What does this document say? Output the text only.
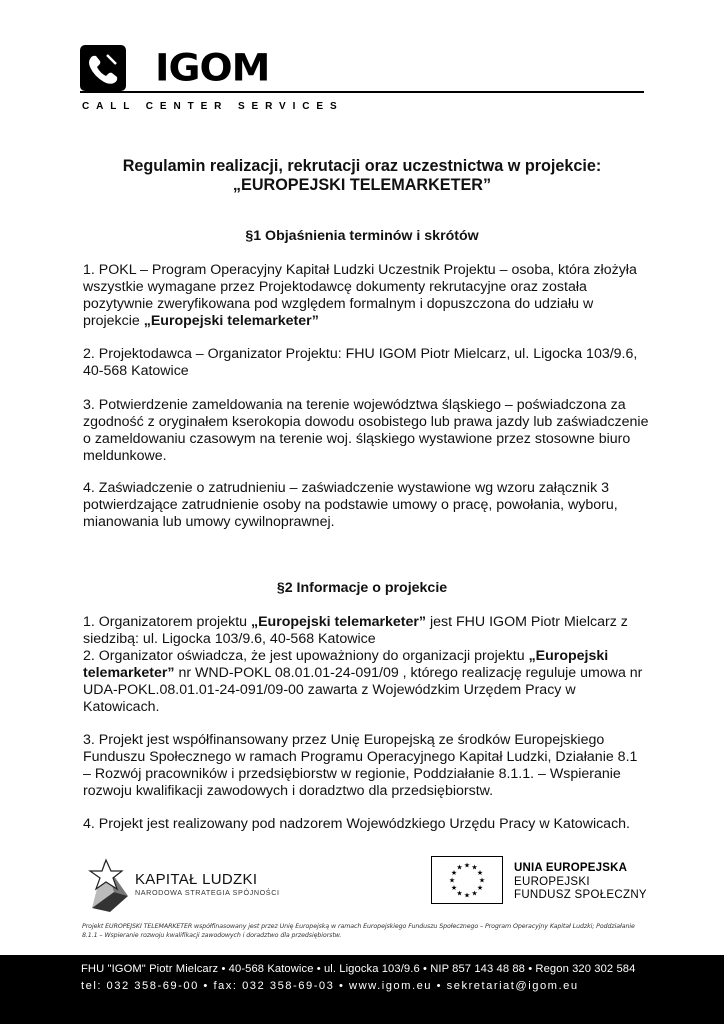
IGOM
CALL CENTER SERVICES
Regulamin realizacji, rekrutacji oraz uczestnictwa w projekcie:
„EUROPEJSKI TELEMARKETER”
§1 Objaśnienia terminów i skrótów

1. POKL – Program Operacyjny Kapitał Ludzki Uczestnik Projektu – osoba, która złożyła wszystkie wymagane przez Projektodawcę dokumenty rekrutacyjne oraz została pozytywnie zweryfikowana pod względem formalnym i dopuszczona do udziału w projekcie „Europejski telemarketer”

2. Projektodawca – Organizator Projektu: FHU IGOM Piotr Mielcarz, ul. Ligocka 103/9.6, 40-568 Katowice

3. Potwierdzenie zameldowania na terenie województwa śląskiego – poświadczona za zgodność z oryginałem kserokopia dowodu osobistego lub prawa jazdy lub zaświadczenie o zameldowaniu czasowym na terenie woj. śląskiego wystawione przez stosowne biuro meldunkowe.

4. Zaświadczenie o zatrudnieniu – zaświadczenie wystawione wg wzoru załącznik 3 potwierdzające zatrudnienie osoby na podstawie umowy o pracę, powołania, wyboru, mianowania lub umowy cywilnoprawnej.

§2 Informacje o projekcie

1. Organizatorem projektu „Europejski telemarketer” jest FHU IGOM Piotr Mielcarz z siedzibą: ul. Ligocka 103/9.6, 40-568 Katowice

2. Organizator oświadcza, że jest upoważniony do organizacji projektu „Europejski telemarketer” nr WND-POKL 08.01.01-24-091/09 , którego realizację reguluje umowa nr UDA-POKL.08.01.01-24-091/09-00 zawarta z Wojewódzkim Urzędem Pracy w Katowicach.

3. Projekt jest współfinansowany przez Unię Europejską ze środków Europejskiego Funduszu Społecznego w ramach Programu Operacyjnego Kapitał Ludzki, Działanie 8.1 – Rozwój pracowników i przedsiębiorstw w regionie, Poddziałanie 8.1.1. – Wspieranie rozwoju kwalifikacji zawodowych i doradztwo dla przedsiębiorstw.

4. Projekt jest realizowany pod nadzorem Wojewódzkiego Urzędu Pracy w Katowicach.

KAPITAŁ LUDZKI
NARODOWA STRATEGIA SPÓJNOŚCI
★ ★
★
★
★
★
★
★
★
★
★
★	UNIA EUROPEJSKA
EUROPEJSKI
FUNDUSZ SPOŁECZNY
Projekt EUROPEJSKI TELEMARKETER współfinasowany jest przez Unię Europejską w ramach Europejskiego Funduszu Społecznego – Program Operacyjny Kapitał Ludzki; Poddziałanie 8.1.1 – Wspieranie rozwoju kwalifikacji zawodowych i doradztwo dla przedsiębiorstw.
FHU "IGOM" Piotr Mielcarz • 40-568 Katowice • ul. Ligocka 103/9.6 • NIP 857 143 48 88 • Regon 320 302 584
tel: 032 358-69-00 • fax: 032 358-69-03 • www.igom.eu • sekretariat@igom.eu
